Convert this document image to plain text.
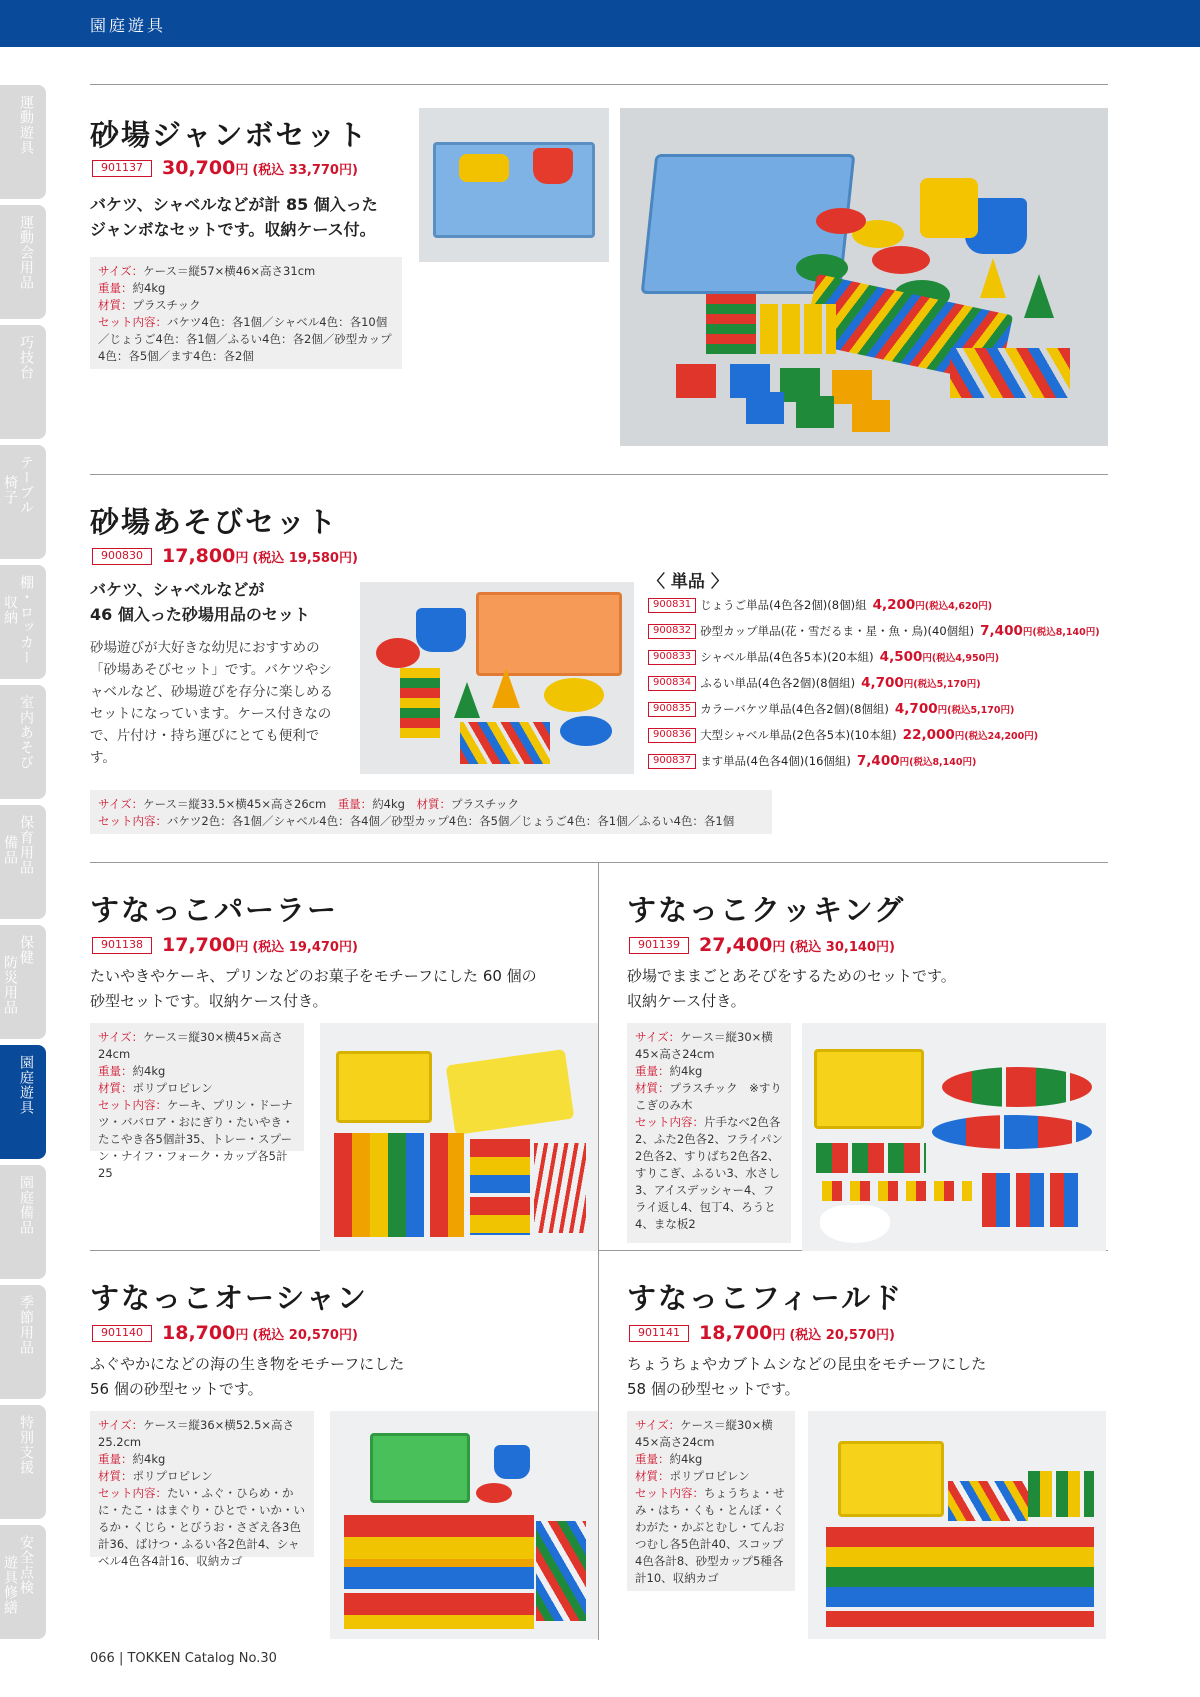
園庭遊具
運動遊具
運動会用品
巧技台
テーブル
椅子
棚・ロッカー
収納
室内あそび
保育用品
備品
保健
防災用品
園庭遊具
園庭備品
季節用品
特別支援
安全点検
遊具修繕
砂場ジャンボセット
901137	30,700円 (税込 33,770円)
バケツ、シャベルなどが計 85 個入った
ジャンボなセットです。収納ケース付。
サイズ：ケース＝縦57×横46×高さ31cm
重量：約4kg
材質：プラスチック
セット内容：バケツ4色：各1個／シャベル4色：各10個／じょうご4色：各1個／ふるい4色：各2個／砂型カップ4色：各5個／ます4色：各2個
砂場あそびセット
900830	17,800円 (税込 19,580円)
バケツ、シャベルなどが
46 個入った砂場用品のセット
砂場遊びが大好きな幼児におすすめの「砂場あそびセット」です。バケツやシャベルなど、砂場遊びを存分に楽しめるセットになっています。ケース付きなので、片付け・持ち運びにとても便利です。
〈 単品 〉
900831 じょうご単品(4色各2個)(8個)組 4,200円(税込4,620円)
900832 砂型カップ単品(花・雪だるま・星・魚・鳥)(40個組) 7,400円(税込8,140円)
900833 シャベル単品(4色各5本)(20本組) 4,500円(税込4,950円)
900834 ふるい単品(4色各2個)(8個組) 4,700円(税込5,170円)
900835 カラーバケツ単品(4色各2個)(8個組) 4,700円(税込5,170円)
900836 大型シャベル単品(2色各5本)(10本組) 22,000円(税込24,200円)
900837 ます単品(4色各4個)(16個組) 7,400円(税込8,140円)
サイズ：ケース＝縦33.5×横45×高さ26cm　 重量：約4kg　 材質：プラスチック
セット内容：バケツ2色：各1個／シャベル4色：各4個／砂型カップ4色：各5個／じょうご4色：各1個／ふるい4色：各1個
すなっこパーラー
901138	17,700円 (税込 19,470円)
たいやきやケーキ、プリンなどのお菓子をモチーフにした 60 個の
砂型セットです。収納ケース付き。
サイズ：ケース＝縦30×横45×高さ24cm　
重量：約4kg
材質：ポリプロピレン
セット内容：ケーキ、プリン・ドーナツ・ババロア・おにぎり・たいやき・たこやき各5個計35、トレー・スプーン・ナイフ・フォーク・カップ各5計25
すなっこクッキング
901139	27,400円 (税込 30,140円)
砂場でままごとあそびをするためのセットです。
収納ケース付き。
サイズ：ケース＝縦30×横45×高さ24cm
重量：約4kg
材質：プラスチック　※すりこぎのみ木
セット内容：片手なべ2色各2、ふた2色各2、フライパン2色各2、すりばち2色各2、すりこぎ、ふるい3、水さし3、アイスデッシャー4、フライ返し4、包丁4、ろうと4、まな板2
すなっこオーシャン
901140	18,700円 (税込 20,570円)
ふぐやかになどの海の生き物をモチーフにした
56 個の砂型セットです。
サイズ：ケース＝縦36×横52.5×高さ25.2cm　
重量：約4kg
材質：ポリプロピレン
セット内容：たい・ふぐ・ひらめ・かに・たこ・はまぐり・ひとで・いか・いるか・くじら・とびうお・さざえ各3色計36、ばけつ・ふるい各2色計4、シャベル4色各4計16、収納カゴ
すなっこフィールド
901141	18,700円 (税込 20,570円)
ちょうちょやカブトムシなどの昆虫をモチーフにした
58 個の砂型セットです。
サイズ：ケース＝縦30×横45×高さ24cm
重量：約4kg
材質：ポリプロピレン
セット内容：ちょうちょ・せみ・はち・くも・とんぼ・くわがた・かぶとむし・てんおつむし各5色計40、スコップ4色各計8、砂型カップ5種各計10、収納カゴ
066 | TOKKEN Catalog No.30
